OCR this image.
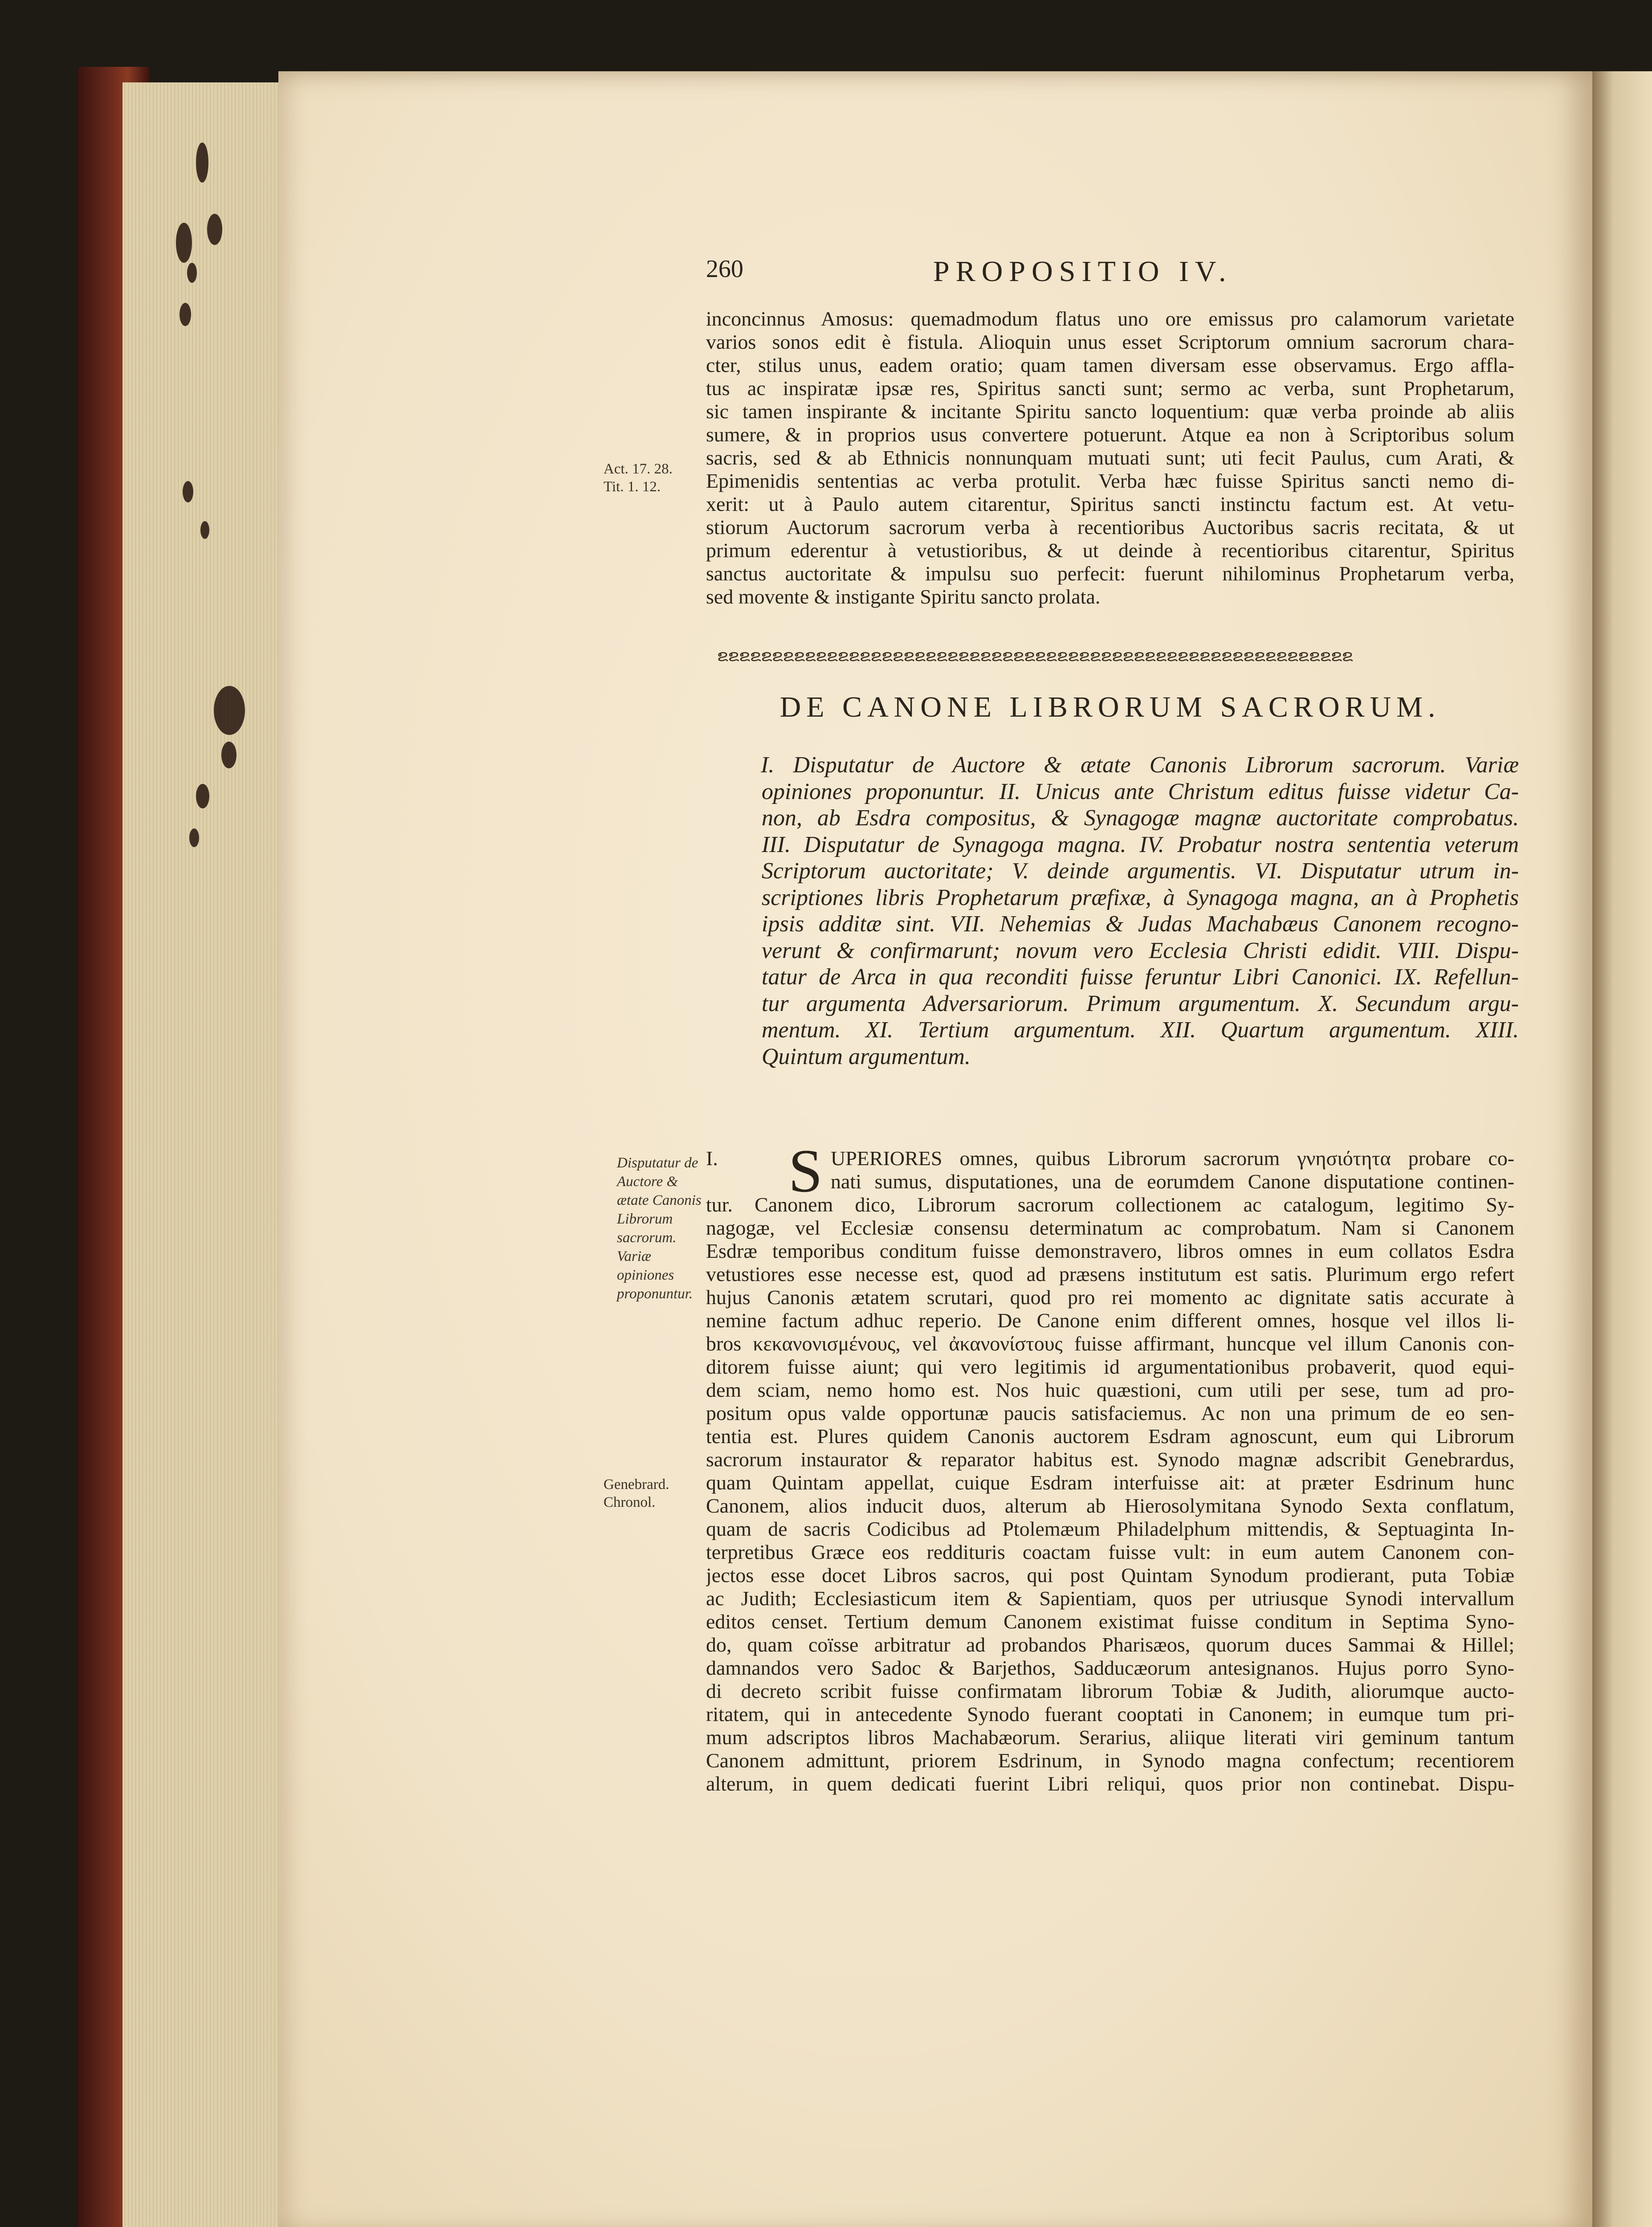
260	PROPOSITIO IV.
inconcinnus Amosus: quemadmodum flatus uno ore emissus pro calamorum varietate
varios sonos edit è fistula. Alioquin unus esset Scriptorum omnium sacrorum chara-
cter, stilus unus, eadem oratio; quam tamen diversam esse observamus. Ergo affla-
tus ac inspiratæ ipsæ res, Spiritus sancti sunt; sermo ac verba, sunt Prophetarum,
sic tamen inspirante & incitante Spiritu sancto loquentium: quæ verba proinde ab aliis
sumere, & in proprios usus convertere potuerunt. Atque ea non à Scriptoribus solum
sacris, sed & ab Ethnicis nonnunquam mutuati sunt; uti fecit Paulus, cum Arati, &
Epimenidis sententias ac verba protulit. Verba hæc fuisse Spiritus sancti nemo di-
xerit: ut à Paulo autem citarentur, Spiritus sancti instinctu factum est. At vetu-
stiorum Auctorum sacrorum verba à recentioribus Auctoribus sacris recitata, & ut
primum ederentur à vetustioribus, & ut deinde à recentioribus citarentur, Spiritus
sanctus auctoritate & impulsu suo perfecit: fuerunt nihilominus Prophetarum verba,
sed movente & instigante Spiritu sancto prolata.
Act. 17. 28.
Tit. 1. 12.
ຂຂຂຂຂຂຂຂຂຂຂຂຂຂຂຂຂຂຂຂຂຂຂຂຂຂຂຂຂຂຂຂຂຂຂຂຂຂຂຂຂຂຂຂຂຂຂຂຂຂຂຂຂຂຂຂຂຂ
DE CANONE LIBRORUM SACRORUM.
I. Disputatur de Auctore & ætate Canonis Librorum sacrorum. Variæ
opiniones proponuntur. II. Unicus ante Christum editus fuisse videtur Ca-
non, ab Esdra compositus, & Synagogæ magnæ auctoritate comprobatus.
III. Disputatur de Synagoga magna. IV. Probatur nostra sententia veterum
Scriptorum auctoritate; V. deinde argumentis. VI. Disputatur utrum in-
scriptiones libris Prophetarum præfixæ, à Synagoga magna, an à Prophetis
ipsis additæ sint. VII. Nehemias & Judas Machabæus Canonem recogno-
verunt & confirmarunt; novum vero Ecclesia Christi edidit. VIII. Dispu-
tatur de Arca in qua reconditi fuisse feruntur Libri Canonici. IX. Refellun-
tur argumenta Adversariorum. Primum argumentum. X. Secundum argu-
mentum. XI. Tertium argumentum. XII. Quartum argumentum. XIII.
Quintum argumentum.
Disputatur de Auctore & ætate Canonis Librorum sacrorum. Variæ opiniones proponuntur.
Genebrard.
Chronol.
I.	S UPERIORES omnes, quibus Librorum sacrorum γνησιότητα probare co-
nati sumus, disputationes, una de eorumdem Canone disputatione continen-
tur. Canonem dico, Librorum sacrorum collectionem ac catalogum, legitimo Sy-
nagogæ, vel Ecclesiæ consensu determinatum ac comprobatum. Nam si Canonem
Esdræ temporibus conditum fuisse demonstravero, libros omnes in eum collatos Esdra
vetustiores esse necesse est, quod ad præsens institutum est satis. Plurimum ergo refert
hujus Canonis ætatem scrutari, quod pro rei momento ac dignitate satis accurate à
nemine factum adhuc reperio. De Canone enim different omnes, hosque vel illos li-
bros κεκανονισμένους, vel ἀκανονίστους fuisse affirmant, huncque vel illum Canonis con-
ditorem fuisse aiunt; qui vero legitimis id argumentationibus probaverit, quod equi-
dem sciam, nemo homo est. Nos huic quæstioni, cum utili per sese, tum ad pro-
positum opus valde opportunæ paucis satisfaciemus. Ac non una primum de eo sen-
tentia est. Plures quidem Canonis auctorem Esdram agnoscunt, eum qui Librorum
sacrorum instaurator & reparator habitus est. Synodo magnæ adscribit Genebrardus,
quam Quintam appellat, cuique Esdram interfuisse ait: at præter Esdrinum hunc
Canonem, alios inducit duos, alterum ab Hierosolymitana Synodo Sexta conflatum,
quam de sacris Codicibus ad Ptolemæum Philadelphum mittendis, & Septuaginta In-
terpretibus Græce eos reddituris coactam fuisse vult: in eum autem Canonem con-
jectos esse docet Libros sacros, qui post Quintam Synodum prodierant, puta Tobiæ
ac Judith; Ecclesiasticum item & Sapientiam, quos per utriusque Synodi intervallum
editos censet. Tertium demum Canonem existimat fuisse conditum in Septima Syno-
do, quam coïsse arbitratur ad probandos Pharisæos, quorum duces Sammai & Hillel;
damnandos vero Sadoc & Barjethos, Sadducæorum antesignanos. Hujus porro Syno-
di decreto scribit fuisse confirmatam librorum Tobiæ & Judith, aliorumque aucto-
ritatem, qui in antecedente Synodo fuerant cooptati in Canonem; in eumque tum pri-
mum adscriptos libros Machabæorum. Serarius, aliique literati viri geminum tantum
Canonem admittunt, priorem Esdrinum, in Synodo magna confectum; recentiorem
alterum, in quem dedicati fuerint Libri reliqui, quos prior non continebat. Dispu-
